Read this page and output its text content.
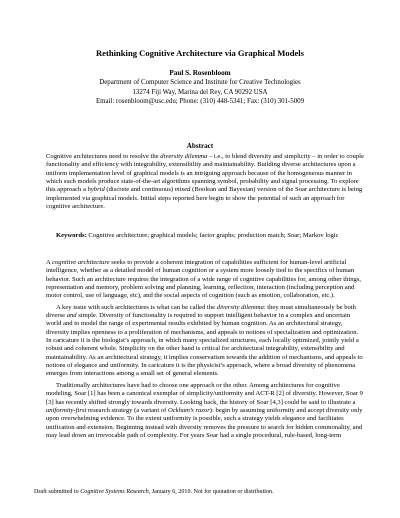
Rethinking Cognitive Architecture via Graphical Models
Paul S. Rosenbloom
Department of Computer Science and Institute for Creative Technologies
13274 Fiji Way, Marina del Rey, CA 90292 USA
Email: rosenbloom@usc.edu; Phone: (310) 448-5341; Fax: (310) 301-5009
Abstract
Cognitive architectures need to resolve the diversity dilemma – i.e., to blend diversity and simplicity – in order to couple functionality and efficiency with integrability, extensibility and maintainability. Building diverse architectures upon a uniform implementation level of graphical models is an intriguing approach because of the homogeneous manner in which such models produce state-of-the-art algorithms spanning symbol, probability and signal processing. To explore this approach a hybrid (discrete and continuous) mixed (Boolean and Bayesian) version of the Soar architecture is being implemented via graphical models. Initial steps reported here begin to show the potential of such an approach for cognitive architecture.
Keywords: Cognitive architecture; graphical models; factor graphs; production match; Soar; Markov logic

A cognitive architecture seeks to provide a coherent integration of capabilities sufficient for human-level artificial intelligence, whether as a detailed model of human cognition or a system more loosely tied to the specifics of human behavior. Such an architecture requires the integration of a wide range of cognitive capabilities for, among other things, representation and memory, problem solving and planning, learning, reflection, interaction (including perception and motor control, use of language, etc), and the social aspects of cognition (such as emotion, collaboration, etc.).

A key issue with such architectures is what can be called the diversity dilemma: they must simultaneously be both diverse and simple. Diversity of functionality is required to support intelligent behavior in a complex and uncertain world and to model the range of experimental results exhibited by human cognition. As an architectural strategy, diversity implies openness to a proliferation of mechanisms, and appeals to notions of specialization and optimization. In caricature it is the biologist’s approach, in which many specialized structures, each locally optimized, jointly yield a robust and coherent whole. Simplicity on the other hand is critical for architectural integrability, extensibility and maintainability. As an architectural strategy, it implies conservatism towards the addition of mechanisms, and appeals to notions of elegance and uniformity. In caricature it is the physicist’s approach, where a broad diversity of phenomena emerges from interactions among a small set of general elements.

Traditionally architectures have had to choose one approach or the other. Among architectures for cognitive modeling, Soar [1] has been a canonical exemplar of simplicity/uniformity and ACT-R [2] of diversity. However, Soar 9 [3] has recently shifted strongly towards diversity. Looking back, the history of Soar [4,3] could be said to illustrate a uniformity-first research strategy (a variant of Ockham’s razor): begin by assuming uniformity and accept diversity only upon overwhelming evidence. To the extent uniformity is possible, such a strategy yields elegance and facilitates unification and extension. Beginning instead with diversity removes the pressure to search for hidden commonality, and may lead down an irrevocable path of complexity. For years Soar had a single procedural, rule-based, long-term

Draft submitted to Cognitive Systems Research, January 6, 2010. Not for quotation or distribution.
